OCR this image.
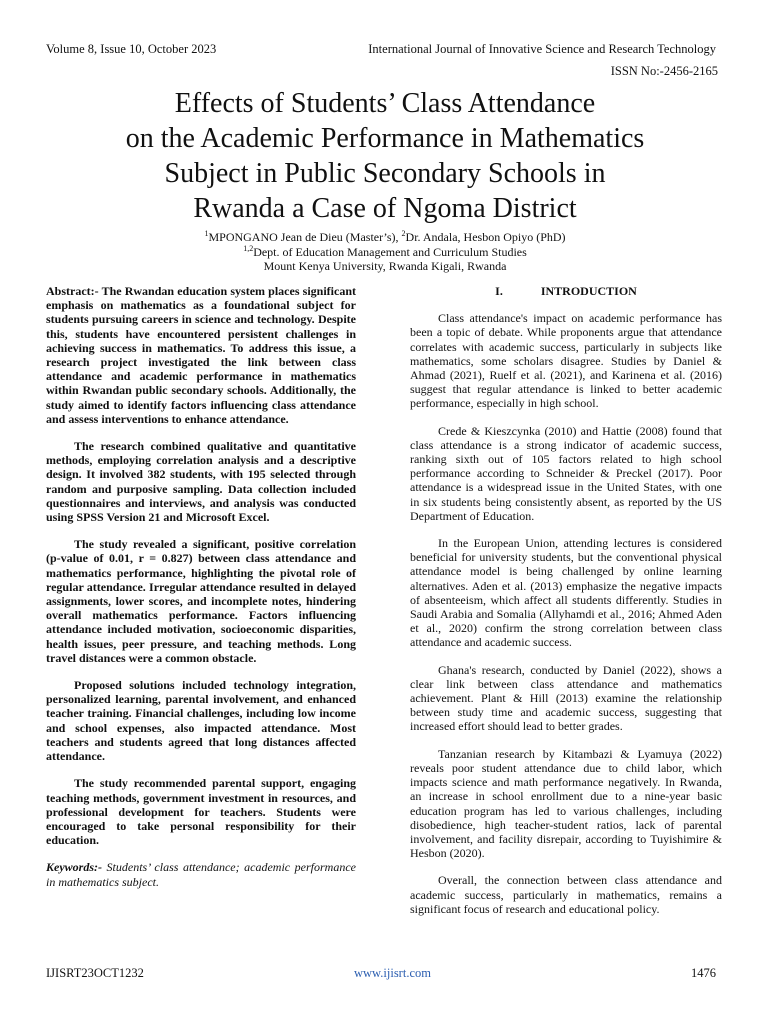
Volume 8, Issue 10, October 2023	International Journal of Innovative Science and Research Technology
ISSN No:-2456-2165
Effects of Students’ Class Attendance
on the Academic Performance in Mathematics
Subject in Public Secondary Schools in
Rwanda a Case of Ngoma District
$^1$MPONGANO Jean de Dieu (Master’s), $^2$Dr. Andala, Hesbon Opiyo (PhD)
$^{1,2}$Dept. of Education Management and Curriculum Studies
Mount Kenya University, Rwanda Kigali, Rwanda

Abstract:- The Rwandan education system places significant emphasis on mathematics as a foundational subject for students pursuing careers in science and technology. Despite this, students have encountered persistent challenges in achieving success in mathematics. To address this issue, a research project investigated the link between class attendance and academic performance in mathematics within Rwandan public secondary schools. Additionally, the study aimed to identify factors influencing class attendance and assess interventions to enhance attendance.

The research combined qualitative and quantitative methods, employing correlation analysis and a descriptive design. It involved 382 students, with 195 selected through random and purposive sampling. Data collection included questionnaires and interviews, and analysis was conducted using SPSS Version 21 and Microsoft Excel.

The study revealed a significant, positive correlation (p-value of 0.01, r = 0.827) between class attendance and mathematics performance, highlighting the pivotal role of regular attendance. Irregular attendance resulted in delayed assignments, lower scores, and incomplete notes, hindering overall mathematics performance. Factors influencing attendance included motivation, socioeconomic disparities, health issues, peer pressure, and teaching methods. Long travel distances were a common obstacle.

Proposed solutions included technology integration, personalized learning, parental involvement, and enhanced teacher training. Financial challenges, including low income and school expenses, also impacted attendance. Most teachers and students agreed that long distances affected attendance.

The study recommended parental support, engaging teaching methods, government investment in resources, and professional development for teachers. Students were encouraged to take personal responsibility for their education.

Keywords:- Students’ class attendance; academic performance in mathematics subject.

I.	INTRODUCTION

Class attendance's impact on academic performance has been a topic of debate. While proponents argue that attendance correlates with academic success, particularly in subjects like mathematics, some scholars disagree. Studies by Daniel & Ahmad (2021), Ruelf et al. (2021), and Karinena et al. (2016) suggest that regular attendance is linked to better academic performance, especially in high school.

Crede & Kieszcynka (2010) and Hattie (2008) found that class attendance is a strong indicator of academic success, ranking sixth out of 105 factors related to high school performance according to Schneider & Preckel (2017). Poor attendance is a widespread issue in the United States, with one in six students being consistently absent, as reported by the US Department of Education.

In the European Union, attending lectures is considered beneficial for university students, but the conventional physical attendance model is being challenged by online learning alternatives. Aden et al. (2013) emphasize the negative impacts of absenteeism, which affect all students differently. Studies in Saudi Arabia and Somalia (Allyhamdi et al., 2016; Ahmed Aden et al., 2020) confirm the strong correlation between class attendance and academic success.

Ghana's research, conducted by Daniel (2022), shows a clear link between class attendance and mathematics achievement. Plant & Hill (2013) examine the relationship between study time and academic success, suggesting that increased effort should lead to better grades.

Tanzanian research by Kitambazi & Lyamuya (2022) reveals poor student attendance due to child labor, which impacts science and math performance negatively. In Rwanda, an increase in school enrollment due to a nine-year basic education program has led to various challenges, including disobedience, high teacher-student ratios, lack of parental involvement, and facility disrepair, according to Tuyishimire & Hesbon (2020).

Overall, the connection between class attendance and academic success, particularly in mathematics, remains a significant focus of research and educational policy.

IJISRT23OCT1232	www.ijisrt.com	1476
